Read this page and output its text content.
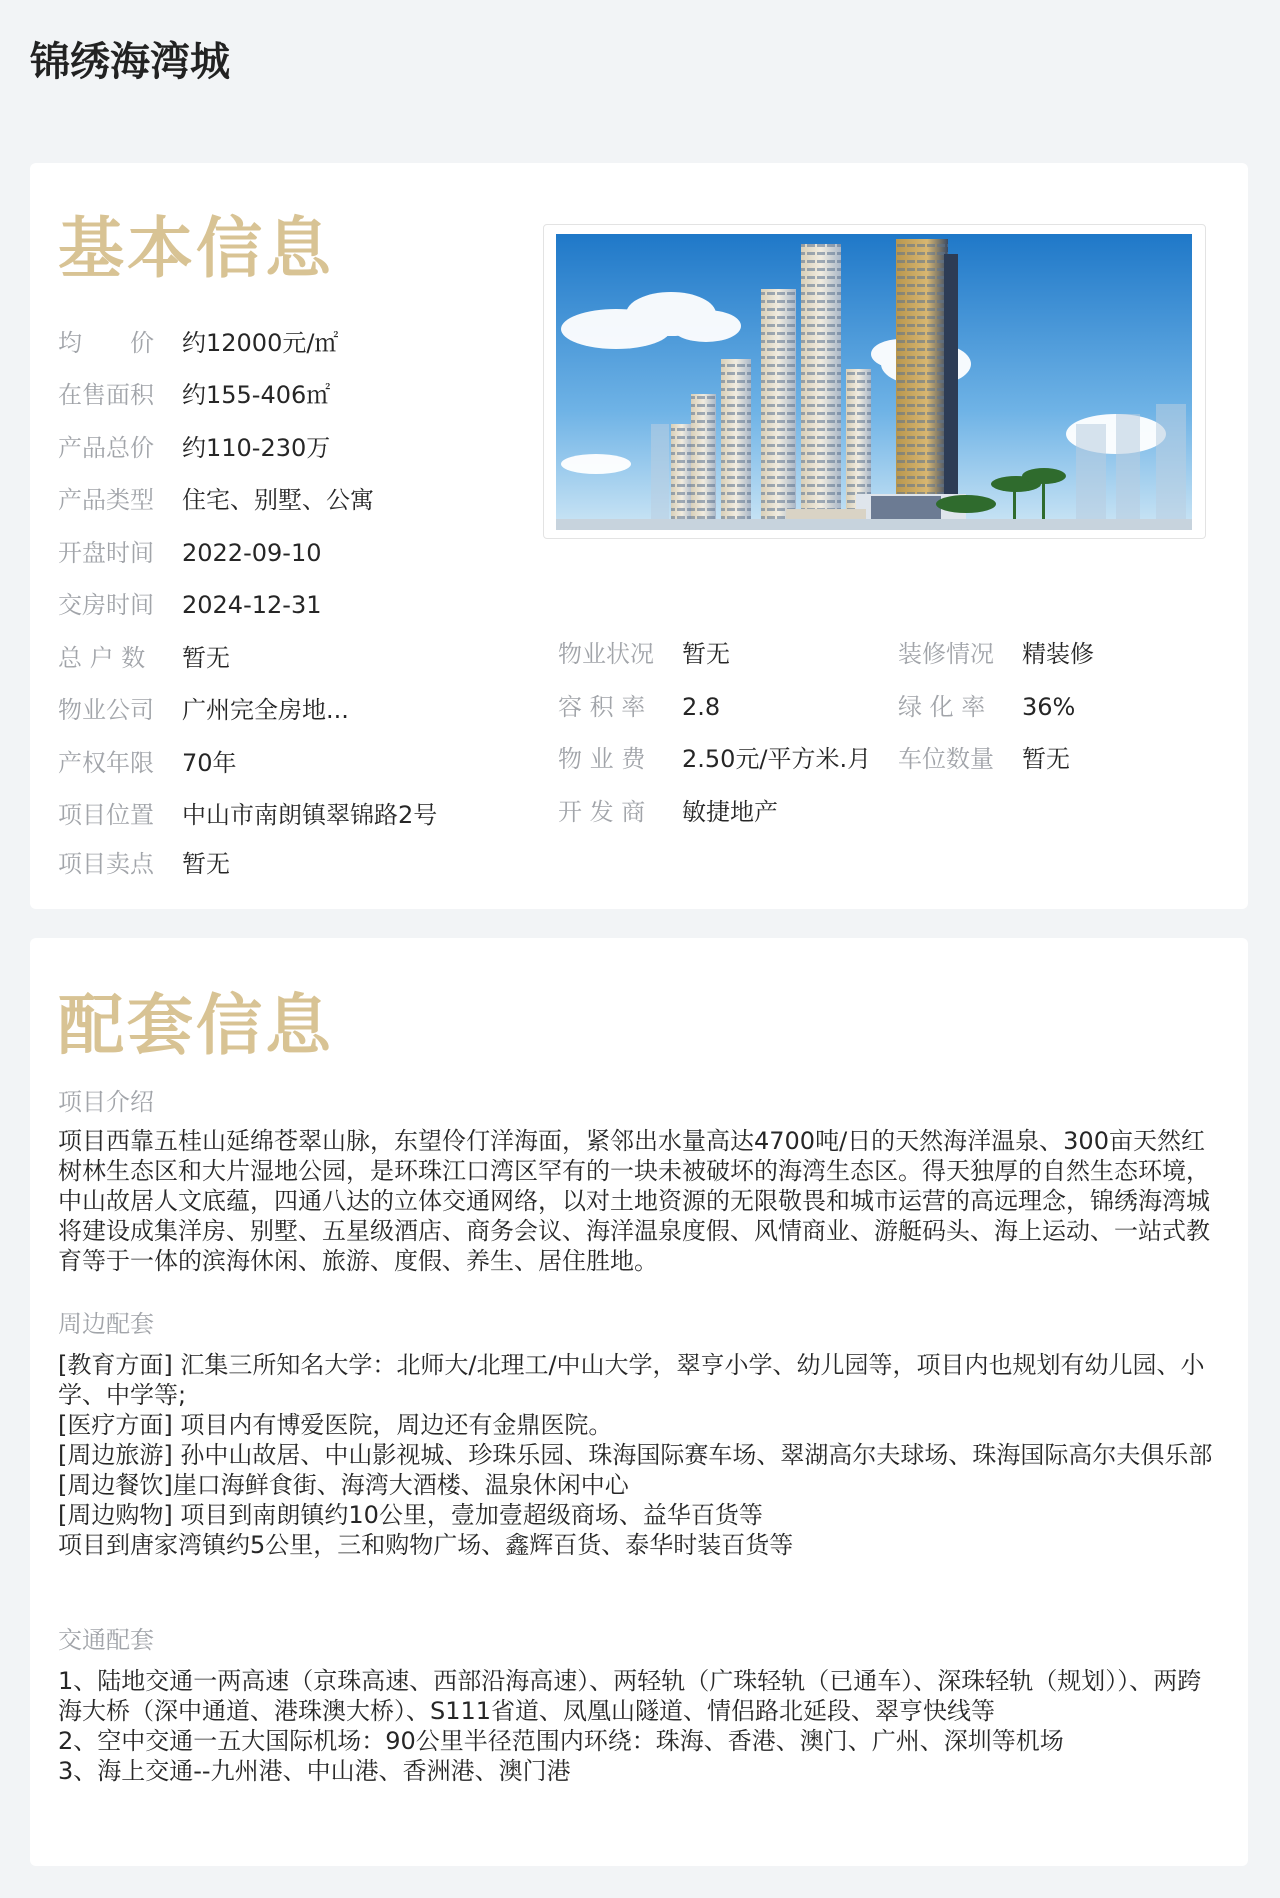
锦绣海湾城
基本信息
均　　价 约12000元/㎡
在售面积 约155-406㎡
产品总价 约110-230万
产品类型 住宅、别墅、公寓
开盘时间 2022-09-10
交房时间 2024-12-31
总 户 数 暂无
物业公司 广州完全房地...
产权年限 70年
项目位置 中山市南朗镇翠锦路2号
项目卖点 暂无
物业状况 暂无
容 积 率 2.8
物 业 费 2.50元/平方米.月
开 发 商 敏捷地产
装修情况 精装修
绿 化 率 36%
车位数量 暂无
配套信息
项目介绍

项目西靠五桂山延绵苍翠山脉，东望伶仃洋海面，紧邻出水量高达4700吨/日的天然海洋温泉、300亩天然红树林生态区和大片湿地公园，是环珠江口湾区罕有的一块未被破坏的海湾生态区。得天独厚的自然生态环境，中山故居人文底蕴，四通八达的立体交通网络，以对土地资源的无限敬畏和城市运营的高远理念，锦绣海湾城将建设成集洋房、别墅、五星级酒店、商务会议、海洋温泉度假、风情商业、游艇码头、海上运动、一站式教育等于一体的滨海休闲、旅游、度假、养生、居住胜地。

周边配套

[教育方面] 汇集三所知名大学：北师大/北理工/中山大学，翠亨小学、幼儿园等，项目内也规划有幼儿园、小学、中学等;

[医疗方面] 项目内有博爱医院，周边还有金鼎医院。

[周边旅游] 孙中山故居、中山影视城、珍珠乐园、珠海国际赛车场、翠湖高尔夫球场、珠海国际高尔夫俱乐部

[周边餐饮]崖口海鲜食街、海湾大酒楼、温泉休闲中心

[周边购物] 项目到南朗镇约10公里，壹加壹超级商场、益华百货等

项目到唐家湾镇约5公里，三和购物广场、鑫辉百货、泰华时装百货等

交通配套

1、陆地交通一两高速（京珠高速、西部沿海高速）、两轻轨（广珠轻轨（已通车）、深珠轻轨（规划））、两跨海大桥（深中通道、港珠澳大桥）、S111省道、凤凰山隧道、情侣路北延段、翠亨快线等

2、空中交通一五大国际机场：90公里半径范围内环绕：珠海、香港、澳门、广州、深圳等机场

3、海上交通--九州港、中山港、香洲港、澳门港
